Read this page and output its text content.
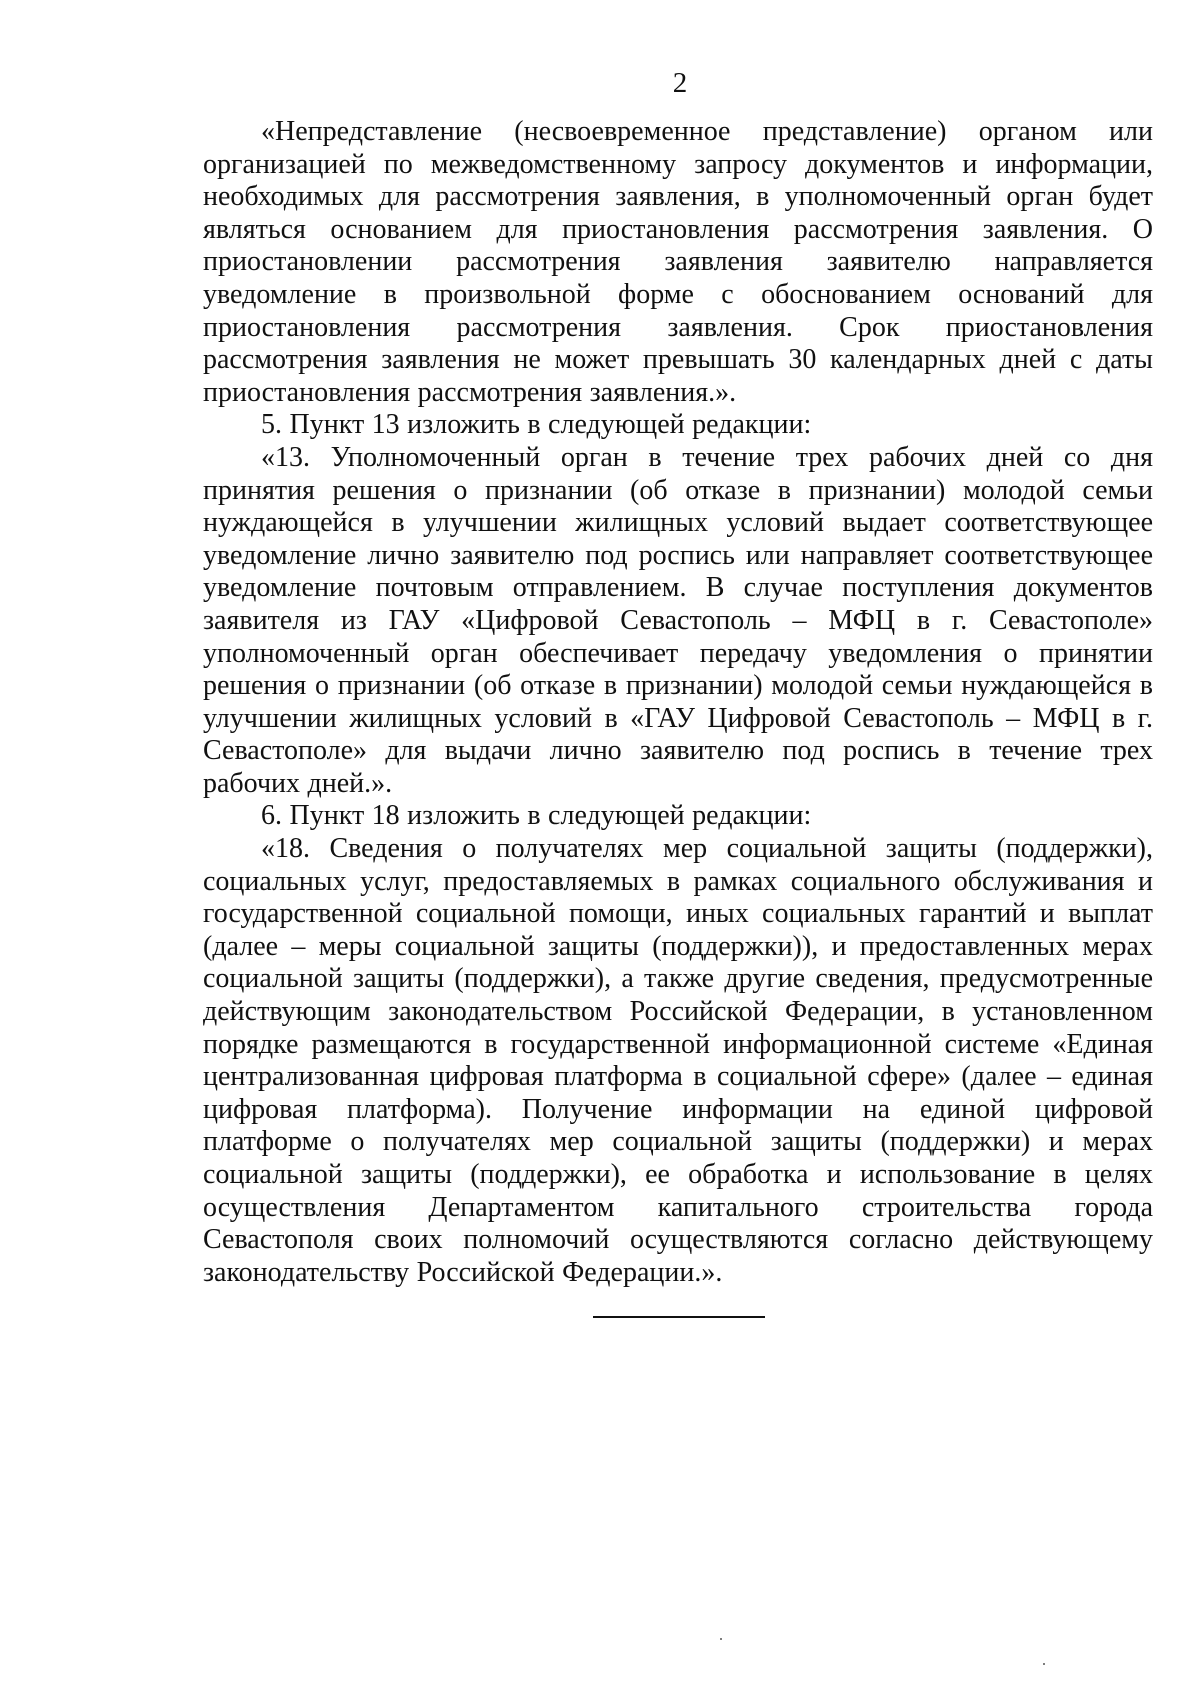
2

«Непредставление (несвоевременное представление) органом или организацией по межведомственному запросу документов и информации, необходимых для рассмотрения заявления, в уполномоченный орган будет являться основанием для приостановления рассмотрения заявления. О приостановлении рассмотрения заявления заявителю направляется уведомление в произвольной форме с обоснованием оснований для приостановления рассмотрения заявления. Срок приостановления рассмотрения заявления не может превышать 30 календарных дней с даты приостановления рассмотрения заявления.».

5. Пункт 13 изложить в следующей редакции:

«13. Уполномоченный орган в течение трех рабочих дней со дня принятия решения о признании (об отказе в признании) молодой семьи нуждающейся в улучшении жилищных условий выдает соответствующее уведомление лично заявителю под роспись или направляет соответствующее уведомление почтовым отправлением. В случае поступления документов заявителя из ГАУ «Цифровой Севастополь – МФЦ в г. Севастополе» уполномоченный орган обеспечивает передачу уведомления о принятии решения о признании (об отказе в признании) молодой семьи нуждающейся в улучшении жилищных условий в «ГАУ Цифровой Севастополь – МФЦ в г. Севастополе» для выдачи лично заявителю под роспись в течение трех рабочих дней.».

6. Пункт 18 изложить в следующей редакции:

«18. Сведения о получателях мер социальной защиты (поддержки), социальных услуг, предоставляемых в рамках социального обслуживания и государственной социальной помощи, иных социальных гарантий и выплат (далее – меры социальной защиты (поддержки)), и предоставленных мерах социальной защиты (поддержки), а также другие сведения, предусмотренные действующим законодательством Российской Федерации, в установленном порядке размещаются в государственной информационной системе «Единая централизованная цифровая платформа в социальной сфере» (далее – единая цифровая платформа). Получение информации на единой цифровой платформе о получателях мер социальной защиты (поддержки) и мерах социальной защиты (поддержки), ее обработка и использование в целях осуществления Департаментом капитального строительства города Севастополя своих полномочий осуществляются согласно действующему законодательству Российской Федерации.».
